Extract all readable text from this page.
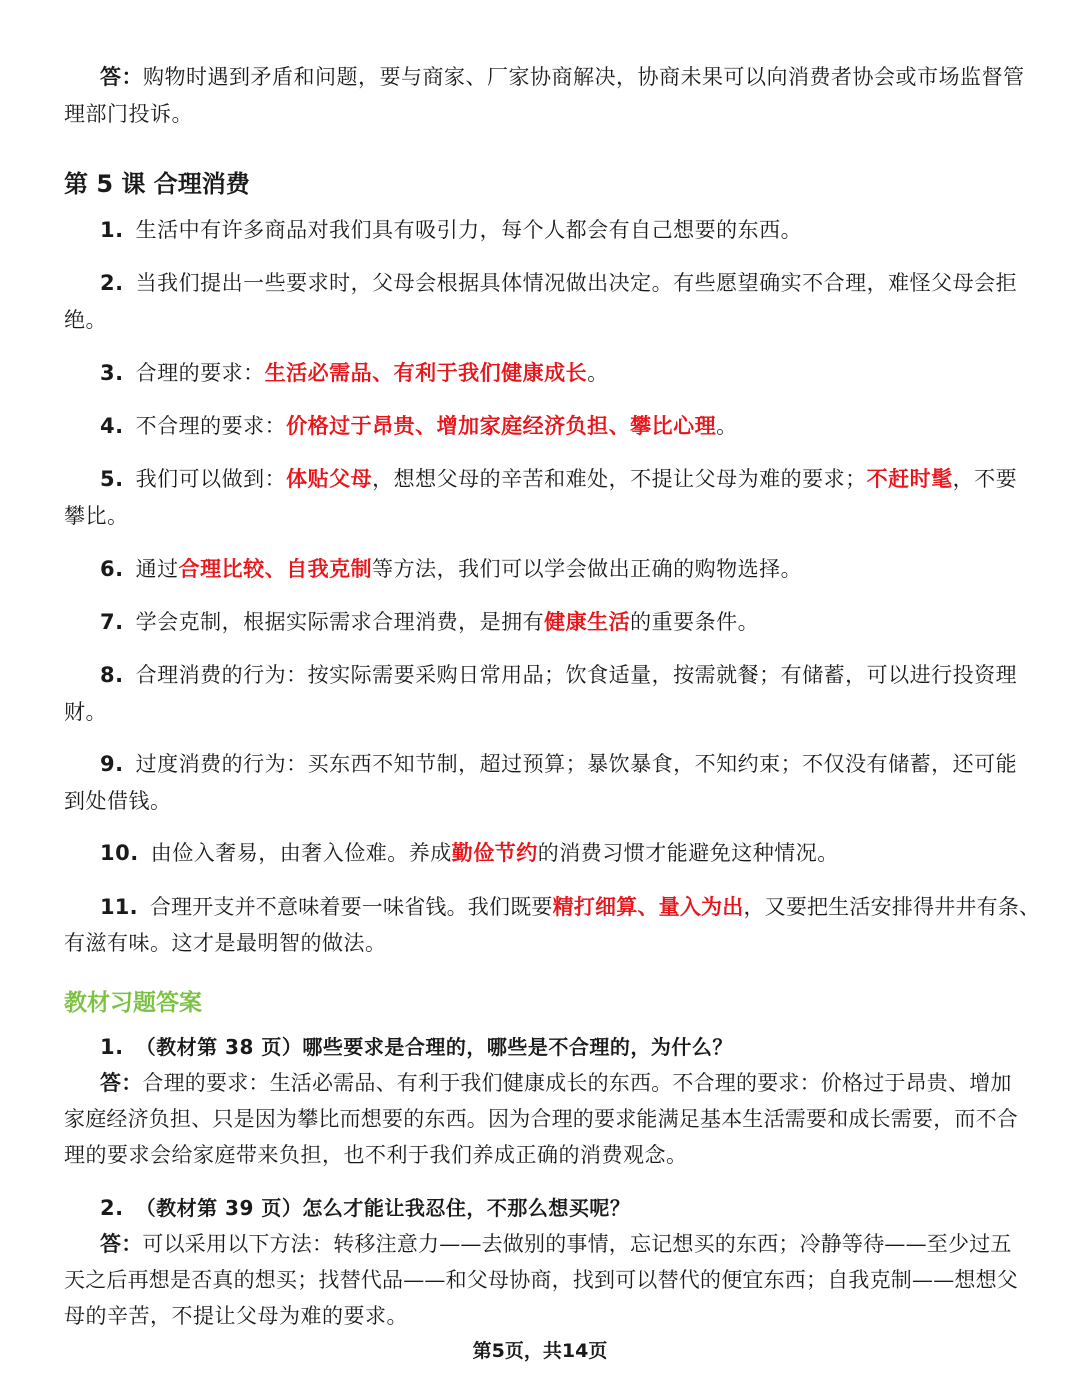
答：购物时遇到矛盾和问题，要与商家、厂家协商解决，协商未果可以向消费者协会或市场监督管
理部门投诉。
第 5 课 合理消费
1. 生活中有许多商品对我们具有吸引力，每个人都会有自己想要的东西。
2. 当我们提出一些要求时，父母会根据具体情况做出决定。有些愿望确实不合理，难怪父母会拒
绝。
3. 合理的要求：生活必需品、有利于我们健康成长。
4. 不合理的要求：价格过于昂贵、增加家庭经济负担、攀比心理。
5. 我们可以做到：体贴父母，想想父母的辛苦和难处，不提让父母为难的要求；不赶时髦，不要
攀比。
6. 通过合理比较、自我克制等方法，我们可以学会做出正确的购物选择。
7. 学会克制，根据实际需求合理消费，是拥有健康生活的重要条件。
8. 合理消费的行为：按实际需要采购日常用品；饮食适量，按需就餐；有储蓄，可以进行投资理
财。
9. 过度消费的行为：买东西不知节制，超过预算；暴饮暴食，不知约束；不仅没有储蓄，还可能
到处借钱。
10. 由俭入奢易，由奢入俭难。养成勤俭节约的消费习惯才能避免这种情况。
11. 合理开支并不意味着要一味省钱。我们既要精打细算、量入为出，又要把生活安排得井井有条、
有滋有味。这才是最明智的做法。
教材习题答案
1. （教材第 38 页）哪些要求是合理的，哪些是不合理的，为什么？
答：合理的要求：生活必需品、有利于我们健康成长的东西。不合理的要求：价格过于昂贵、增加
家庭经济负担、只是因为攀比而想要的东西。因为合理的要求能满足基本生活需要和成长需要，而不合
理的要求会给家庭带来负担，也不利于我们养成正确的消费观念。
2. （教材第 39 页）怎么才能让我忍住，不那么想买呢？
答：可以采用以下方法：转移注意力——去做别的事情，忘记想买的东西；冷静等待——至少过五
天之后再想是否真的想买；找替代品——和父母协商，找到可以替代的便宜东西；自我克制——想想父
母的辛苦，不提让父母为难的要求。
第5页，共14页
